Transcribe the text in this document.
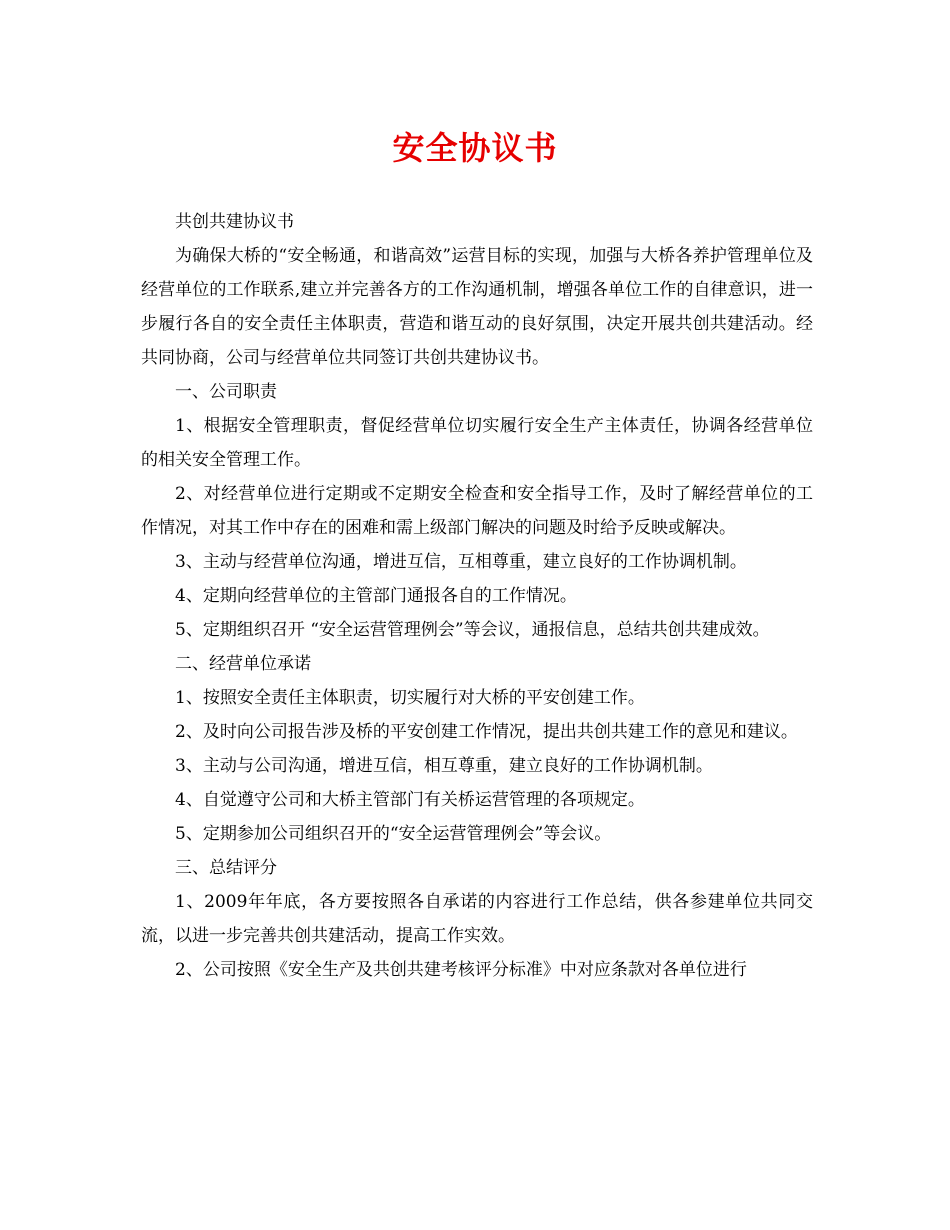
安全协议书

共创共建协议书

为确保大桥的“安全畅通，和谐高效”运营目标的实现，加强与大桥各养护管理单位及经营单位的工作联系,建立并完善各方的工作沟通机制，增强各单位工作的自律意识，进一步履行各自的安全责任主体职责，营造和谐互动的良好氛围，决定开展共创共建活动。经共同协商，公司与经营单位共同签订共创共建协议书。

一、公司职责

1、根据安全管理职责，督促经营单位切实履行安全生产主体责任，协调各经营单位的相关安全管理工作。

2、对经营单位进行定期或不定期安全检查和安全指导工作，及时了解经营单位的工作情况，对其工作中存在的困难和需上级部门解决的问题及时给予反映或解决。

3、主动与经营单位沟通，增进互信，互相尊重，建立良好的工作协调机制。

4、定期向经营单位的主管部门通报各自的工作情况。

5、定期组织召开 “安全运营管理例会”等会议，通报信息，总结共创共建成效。

二、经营单位承诺

1、按照安全责任主体职责，切实履行对大桥的平安创建工作。

2、及时向公司报告涉及桥的平安创建工作情况，提出共创共建工作的意见和建议。

3、主动与公司沟通，增进互信，相互尊重，建立良好的工作协调机制。

4、自觉遵守公司和大桥主管部门有关桥运营管理的各项规定。

5、定期参加公司组织召开的“安全运营管理例会”等会议。

三、总结评分

1、2009年年底，各方要按照各自承诺的内容进行工作总结，供各参建单位共同交流，以进一步完善共创共建活动，提高工作实效。

2、公司按照《安全生产及共创共建考核评分标准》中对应条款对各单位进行
